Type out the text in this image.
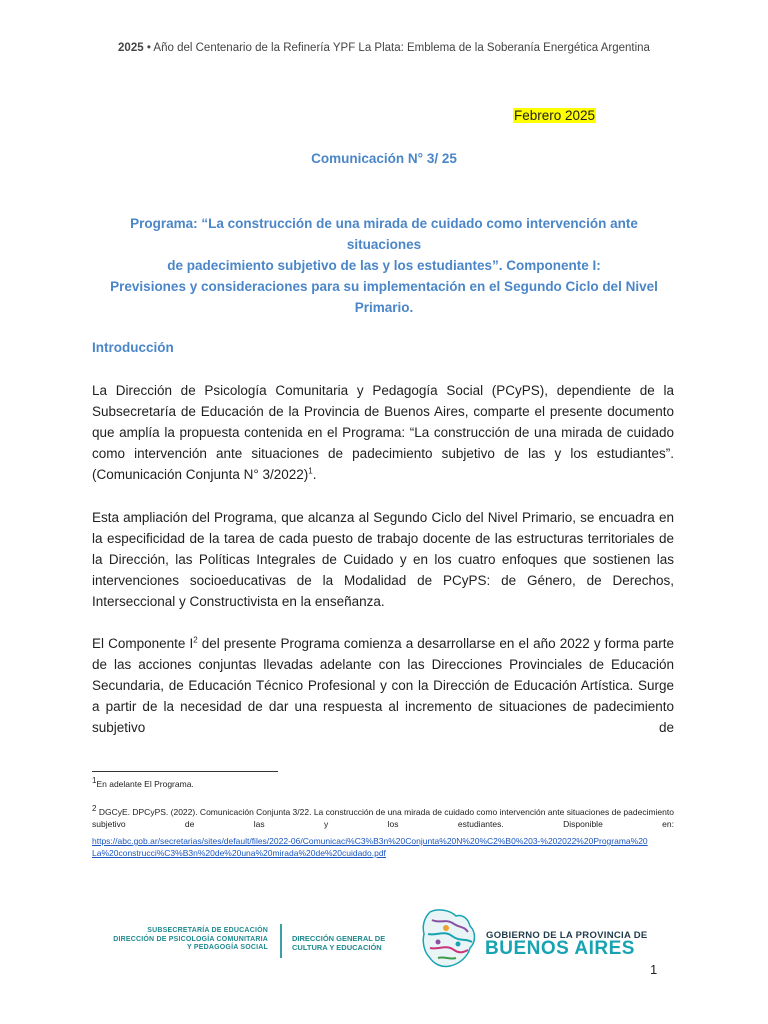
2025 • Año del Centenario de la Refinería YPF La Plata: Emblema de la Soberanía Energética Argentina
Febrero 2025
Comunicación N° 3/ 25
Programa: “La construcción de una mirada de cuidado como intervención ante situaciones
de padecimiento subjetivo de las y los estudiantes”. Componente I:
Previsiones y consideraciones para su implementación en el Segundo Ciclo del Nivel
Primario.
Introducción
La Dirección de Psicología Comunitaria y Pedagogía Social (PCyPS), dependiente de la Subsecretaría de Educación de la Provincia de Buenos Aires, comparte el presente documento que amplía la propuesta contenida en el Programa: “La construcción de una mirada de cuidado como intervención ante situaciones de padecimiento subjetivo de las y los estudiantes”. (Comunicación Conjunta N° 3/2022)$^1$.
Esta ampliación del Programa, que alcanza al Segundo Ciclo del Nivel Primario, se encuadra en la especificidad de la tarea de cada puesto de trabajo docente de las estructuras territoriales de la Dirección, las Políticas Integrales de Cuidado y en los cuatro enfoques que sostienen las intervenciones socioeducativas de la Modalidad de PCyPS: de Género, de Derechos, Interseccional y Constructivista en la enseñanza.
El Componente $I^2$ del presente Programa comienza a desarrollarse en el año 2022 y forma parte de las acciones conjuntas llevadas adelante con las Direcciones Provinciales de Educación Secundaria, de Educación Técnico Profesional y con la Dirección de Educación Artística. Surge a partir de la necesidad de dar una respuesta al incremento de situaciones de padecimiento subjetivo de
$^1$En adelante El Programa.
$^2$ DGCyE. DPCyPS. (2022). Comunicación Conjunta 3/22. La construcción de una mirada de cuidado como intervención ante situaciones de padecimiento subjetivo de las y los estudiantes. Disponible en:
https://abc.gob.ar/secretarias/sites/default/files/2022-06/Comunicaci%C3%B3n%20Conjunta%20N%20%C2%B0%203-%202022%20Programa%20
La%20construcci%C3%B3n%20de%20una%20mirada%20de%20cuidado.pdf
SUBSECRETARÍA DE EDUCACIÓN
DIRECCIÓN DE PSICOLOGÍA COMUNITARIA
Y PEDAGOGÍA SOCIAL
DIRECCIÓN GENERAL DE
CULTURA Y EDUCACIÓN
GOBIERNO DE LA PROVINCIA DE
BUENOS AIRES
1
